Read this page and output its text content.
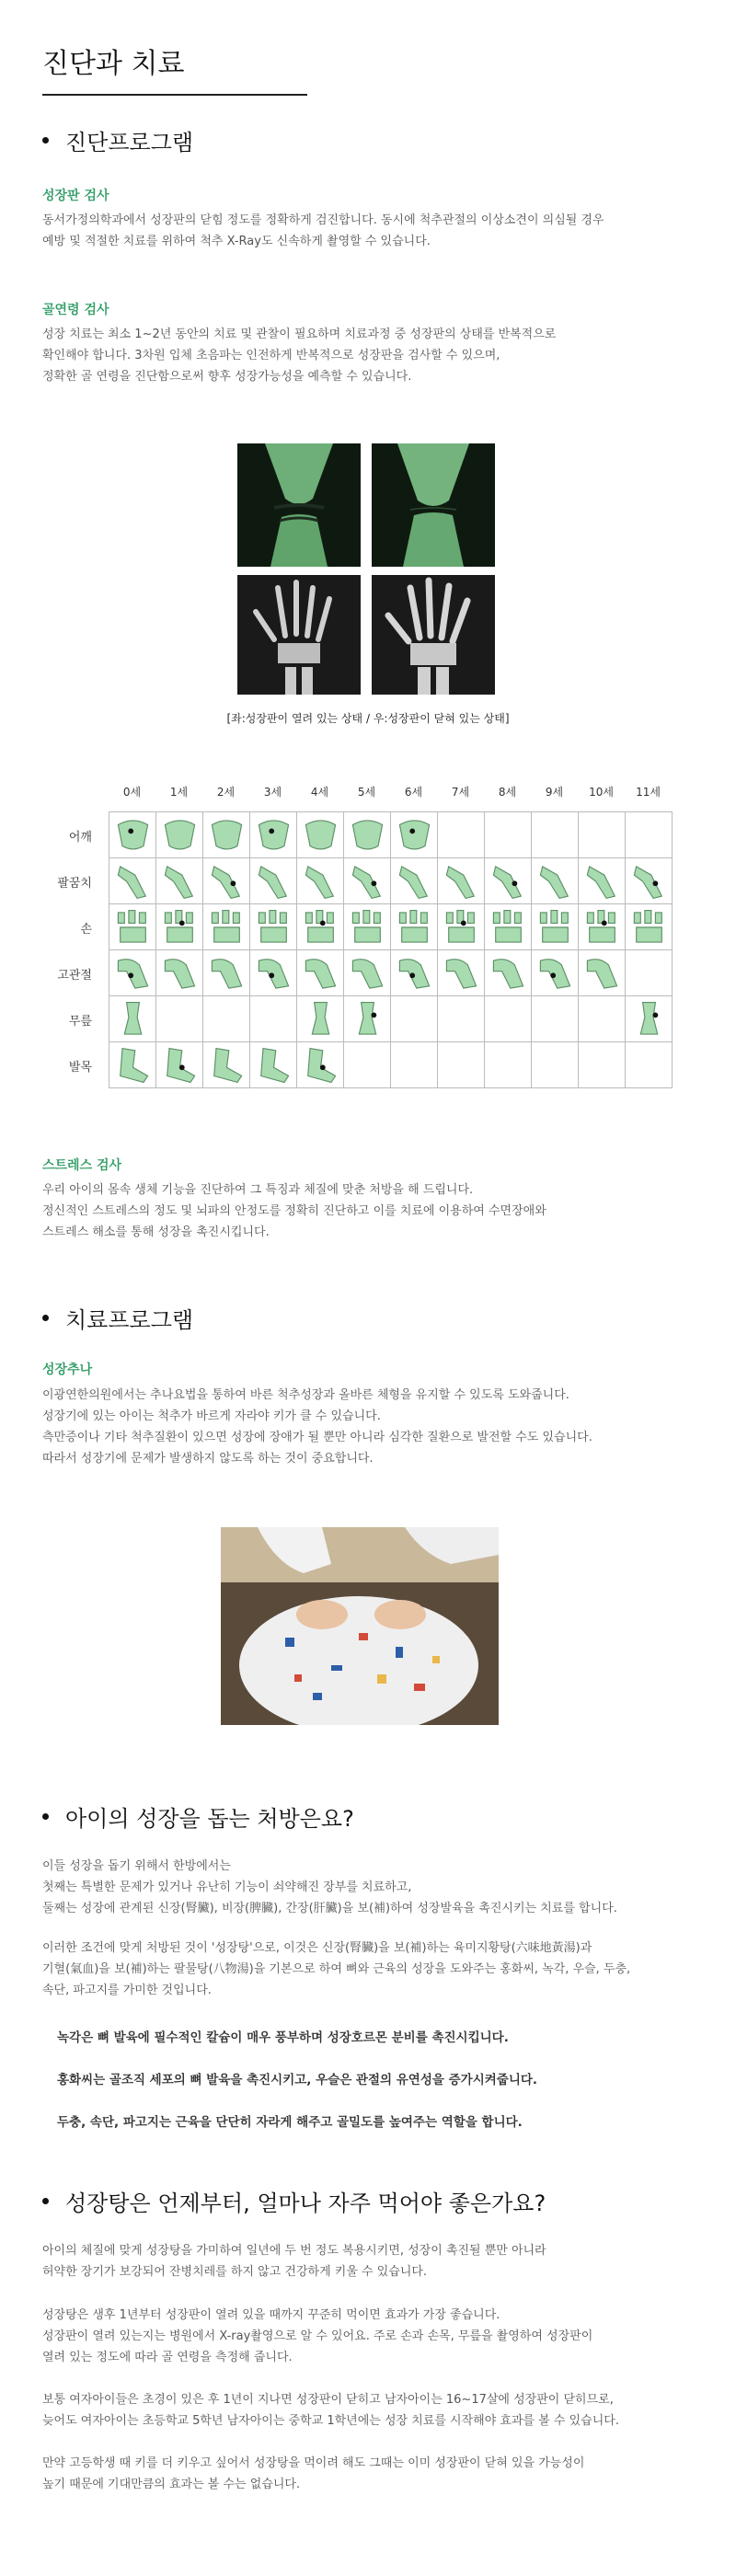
진단과 치료
진단프로그램
성장판 검사
동서가정의학과에서 성장판의 닫힘 정도를 정확하게 검진합니다. 동시에 척추관절의 이상소견이 의심될 경우
예방 및 적절한 치료를 위하여 척추 X-Ray도 신속하게 촬영할 수 있습니다.
골연령 검사
성장 치료는 최소 1~2년 동안의 치료 및 관찰이 필요하며 치료과정 중 성장판의 상태를 반복적으로
확인해야 합니다. 3차원 입체 초음파는 인전하게 반복적으로 성장판을 검사할 수 있으며,
정확한 골 연령을 진단함으로써 향후 성장가능성을 예측할 수 있습니다.
[좌:성장판이 열려 있는 상태 / 우:성장판이 닫혀 있는 상태]
0세	1세	2세	3세	4세	5세	6세	7세	8세	9세	10세	11세
어깨
팔꿈치
손
고관절
무릎
발목
스트레스 검사
우리 아이의 몸속 생체 기능을 진단하여 그 특징과 체질에 맞춘 처방을 해 드립니다.
정신적인 스트레스의 정도 및 뇌파의 안정도를 정확히 진단하고 이를 치료에 이용하여 수면장애와
스트레스 해소를 통해 성장을 촉진시킵니다.
치료프로그램
성장추나
이광연한의원에서는 추나요법을 통하여 바른 척추성장과 올바른 체형을 유지할 수 있도록 도와줍니다.
성장기에 있는 아이는 척추가 바르게 자라야 키가 클 수 있습니다.
측만증이나 기타 척추질환이 있으면 성장에 장애가 될 뿐만 아니라 심각한 질환으로 발전할 수도 있습니다.
따라서 성장기에 문제가 발생하지 않도록 하는 것이 중요합니다.
아이의 성장을 돕는 처방은요?
이들 성장을 돕기 위해서 한방에서는
첫째는 특별한 문제가 있거나 유난히 기능이 쇠약해진 장부를 치료하고,
둘째는 성장에 관계된 신장(腎臟), 비장(脾臟), 간장(肝臟)을 보(補)하여 성장발육을 촉진시키는 치료를 합니다.
이러한 조건에 맞게 처방된 것이 '성장탕'으로, 이것은 신장(腎臟)을 보(補)하는 육미지황탕(六味地黃湯)과
기혈(氣血)을 보(補)하는 팔물탕(八物湯)을 기본으로 하여 뼈와 근육의 성장을 도와주는 홍화씨, 녹각, 우슬, 두충,
속단, 파고지를 가미한 것입니다.
녹각은 뼈 발육에 필수적인 칼슘이 매우 풍부하며 성장호르몬 분비를 촉진시킵니다.
홍화씨는 골조직 세포의 뼈 발육을 촉진시키고, 우슬은 관절의 유연성을 증가시켜줍니다.
두충, 속단, 파고지는 근육을 단단히 자라게 해주고 골밀도를 높여주는 역할을 합니다.
성장탕은 언제부터, 얼마나 자주 먹어야 좋은가요?
아이의 체질에 맞게 성장탕을 가미하여 일년에 두 번 정도 복용시키면, 성장이 촉진될 뿐만 아니라
허약한 장기가 보강되어 잔병치레를 하지 않고 건강하게 키울 수 있습니다.
성장탕은 생후 1년부터 성장판이 열려 있을 때까지 꾸준히 먹이면 효과가 가장 좋습니다.
성장판이 열려 있는지는 병원에서 X-ray촬영으로 알 수 있어요. 주로 손과 손목, 무릎을 촬영하여 성장판이
열려 있는 정도에 따라 골 연령을 측정해 줍니다.
보통 여자아이들은 초경이 있은 후 1년이 지나면 성장판이 닫히고 남자아이는 16~17살에 성장판이 닫히므로,
늦어도 여자아이는 초등학교 5학년 남자아이는 중학교 1학년에는 성장 치료를 시작해야 효과를 볼 수 있습니다.
만약 고등학생 때 키를 더 키우고 싶어서 성장탕을 먹이려 해도 그때는 이미 성장판이 닫혀 있을 가능성이
높기 때문에 기대만큼의 효과는 볼 수는 없습니다.
